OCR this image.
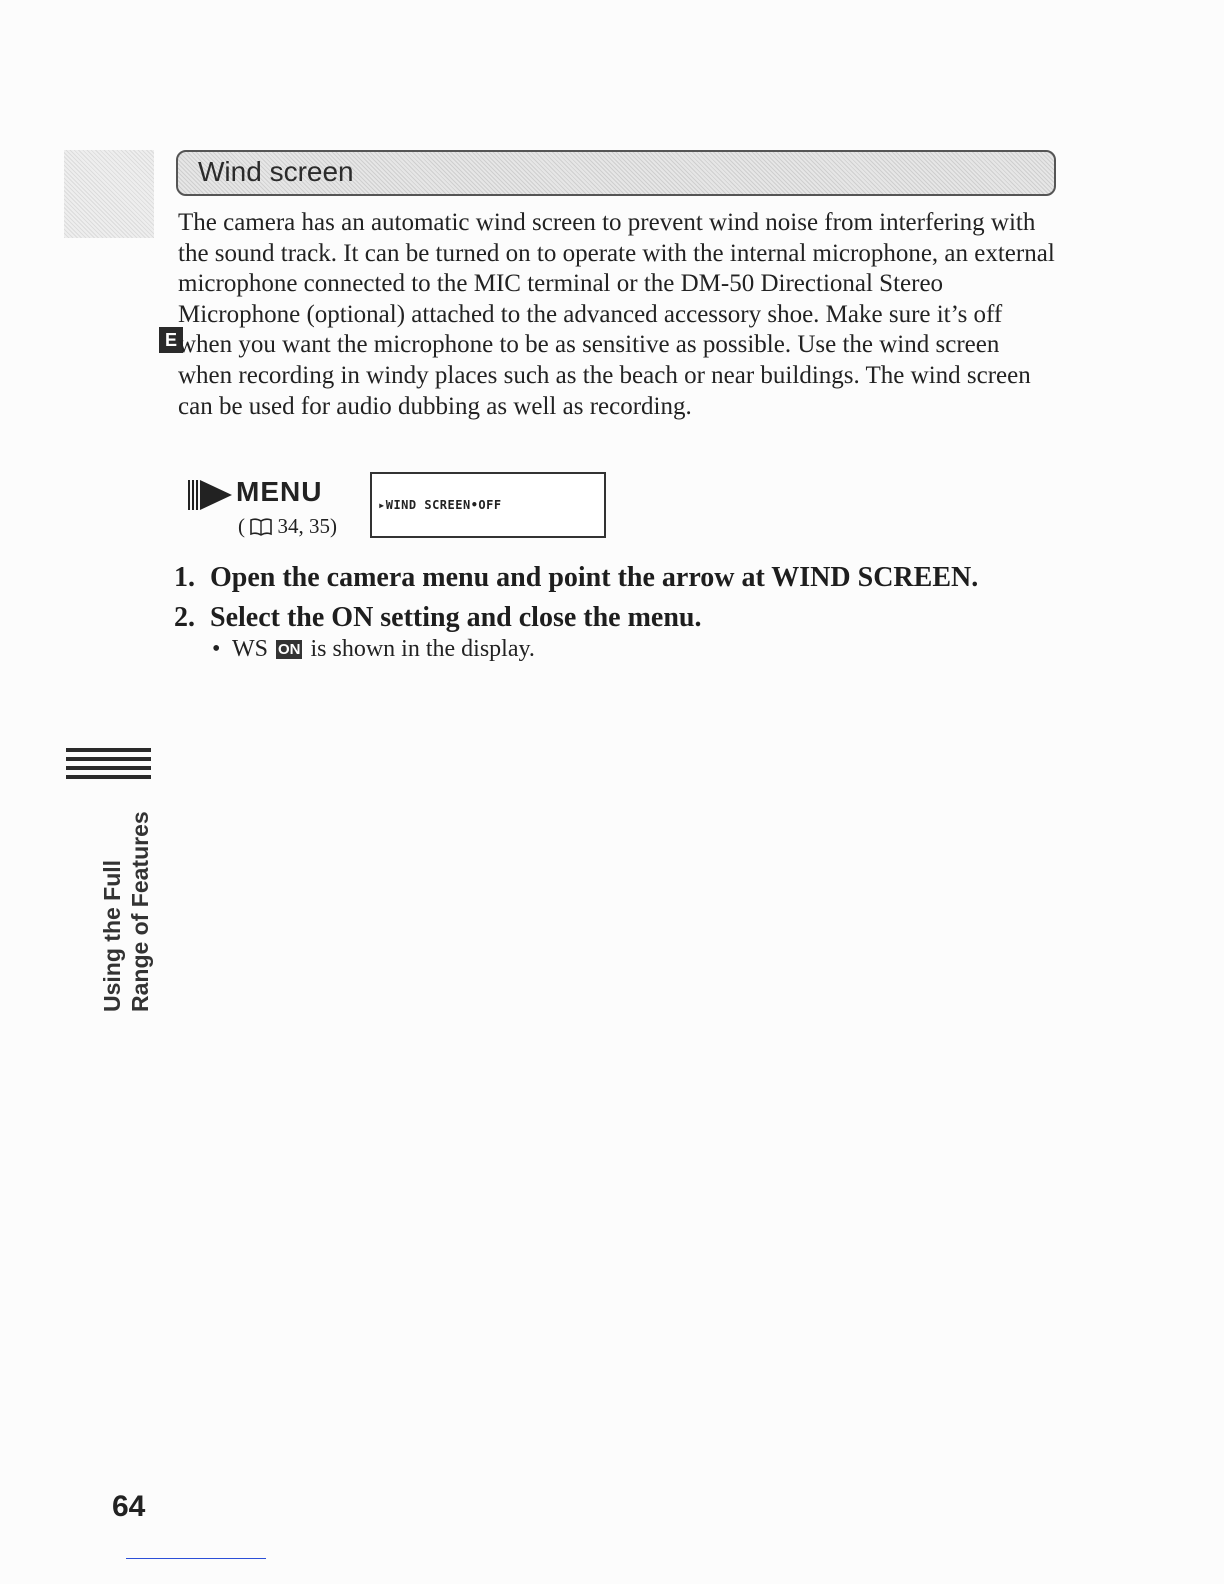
E
Wind screen

The camera has an automatic wind screen to prevent wind noise from interfering with the sound track. It can be turned on to operate with the internal microphone, an external microphone connected to the MIC terminal or the DM-50 Directional Stereo Microphone (optional) attached to the advanced accessory shoe. Make sure it’s off when you want the microphone to be as sensitive as possible. Use the wind screen when recording in windy places such as the beach or near buildings. The wind screen can be used for audio dubbing as well as recording.

MENU
( 34, 35)
▸WIND SCREEN•OFF

1. Open the camera menu and point the arrow at WIND SCREEN.

2. Select the ON setting and close the menu.

• WS ON is shown in the display.
Using the Full Range of Features
64
